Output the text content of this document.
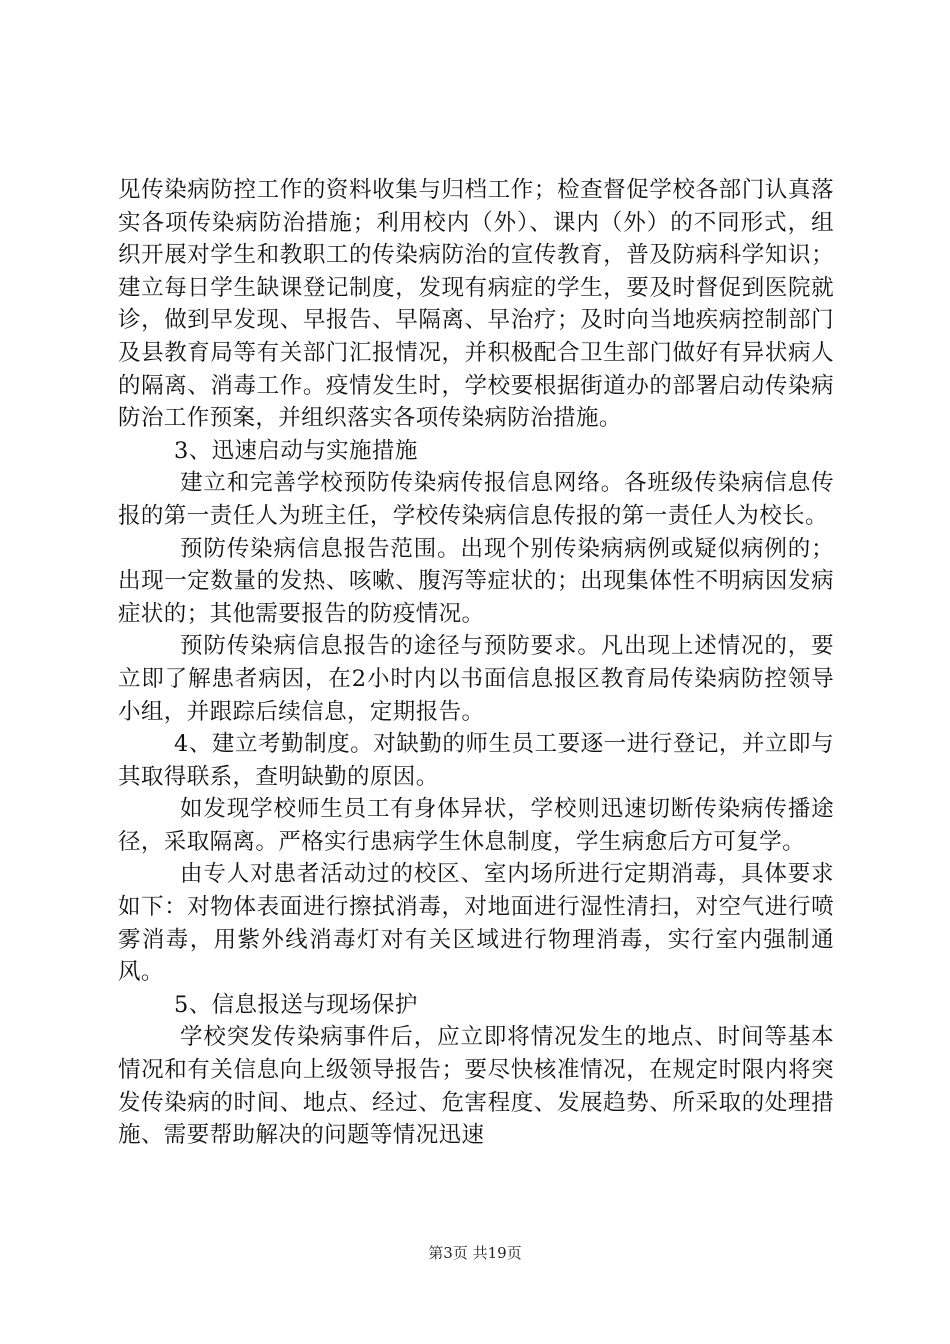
见传染病防控工作的资料收集与归档工作；检查督促学校各部门认真落实各项传染病防治措施；利用校内（外）、课内（外）的不同形式，组织开展对学生和教职工的传染病防治的宣传教育，普及防病科学知识；建立每日学生缺课登记制度，发现有病症的学生，要及时督促到医院就诊，做到早发现、早报告、早隔离、早治疗；及时向当地疾病控制部门及县教育局等有关部门汇报情况，并积极配合卫生部门做好有异状病人的隔离、消毒工作。疫情发生时，学校要根据街道办的部署启动传染病防治工作预案，并组织落实各项传染病防治措施。

3、迅速启动与实施措施

建立和完善学校预防传染病传报信息网络。各班级传染病信息传报的第一责任人为班主任，学校传染病信息传报的第一责任人为校长。

预防传染病信息报告范围。出现个别传染病病例或疑似病例的；出现一定数量的发热、咳嗽、腹泻等症状的；出现集体性不明病因发病症状的；其他需要报告的防疫情况。

预防传染病信息报告的途径与预防要求。凡出现上述情况的，要立即了解患者病因，在2小时内以书面信息报区教育局传染病防控领导小组，并跟踪后续信息，定期报告。

4、建立考勤制度。对缺勤的师生员工要逐一进行登记，并立即与其取得联系，查明缺勤的原因。

如发现学校师生员工有身体异状，学校则迅速切断传染病传播途径，采取隔离。严格实行患病学生休息制度，学生病愈后方可复学。

由专人对患者活动过的校区、室内场所进行定期消毒，具体要求如下：对物体表面进行擦拭消毒，对地面进行湿性清扫，对空气进行喷雾消毒，用紫外线消毒灯对有关区域进行物理消毒，实行室内强制通风。

5、信息报送与现场保护

学校突发传染病事件后，应立即将情况发生的地点、时间等基本情况和有关信息向上级领导报告；要尽快核准情况，在规定时限内将突发传染病的时间、地点、经过、危害程度、发展趋势、所采取的处理措施、需要帮助解决的问题等情况迅速

第3页 共19页
